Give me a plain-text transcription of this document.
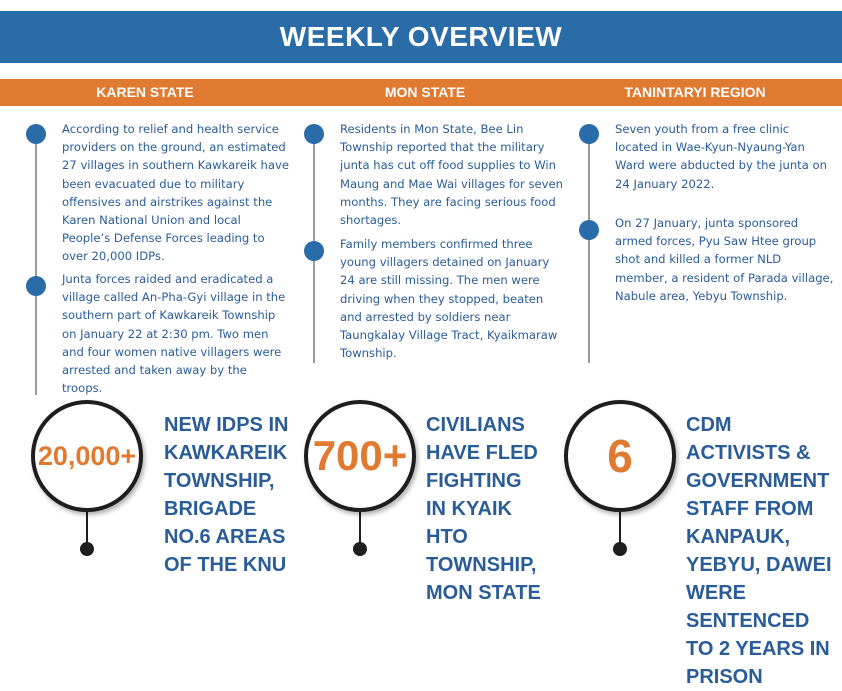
WEEKLY OVERVIEW
KAREN STATE	MON STATE	TANINTARYI REGION
According to relief and health service providers on the ground, an estimated 27 villages in southern Kawkareik have been evacuated due to military offensives and airstrikes against the Karen National Union and local People’s Defense Forces leading to over 20,000 IDPs.
Junta forces raided and eradicated a village called An-Pha-Gyi village in the southern part of Kawkareik Township on January 22 at 2:30 pm. Two men and four women native villagers were arrested and taken away by the troops.
Residents in Mon State, Bee Lin Township reported that the military junta has cut off food supplies to Win Maung and Mae Wai villages for seven months. They are facing serious food shortages.
Family members confirmed three young villagers detained on January 24 are still missing. The men were driving when they stopped, beaten and arrested by soldiers near Taungkalay Village Tract, Kyaikmaraw Township.
Seven youth from a free clinic located in Wae-Kyun-Nyaung-Yan Ward were abducted by the junta on 24 January 2022.
On 27 January, junta sponsored armed forces, Pyu Saw Htee group shot and killed a former NLD member, a resident of Parada village, Nabule area, Yebyu Township.
20,000+
NEW IDPS IN KAWKAREIK TOWNSHIP, BRIGADE NO.6 AREAS OF THE KNU
700+
CIVILIANS HAVE FLED FIGHTING IN KYAIK HTO TOWNSHIP, MON STATE
6
CDM ACTIVISTS & GOVERNMENT STAFF FROM KANPAUK, YEBYU, DAWEI WERE SENTENCED TO 2 YEARS IN PRISON
